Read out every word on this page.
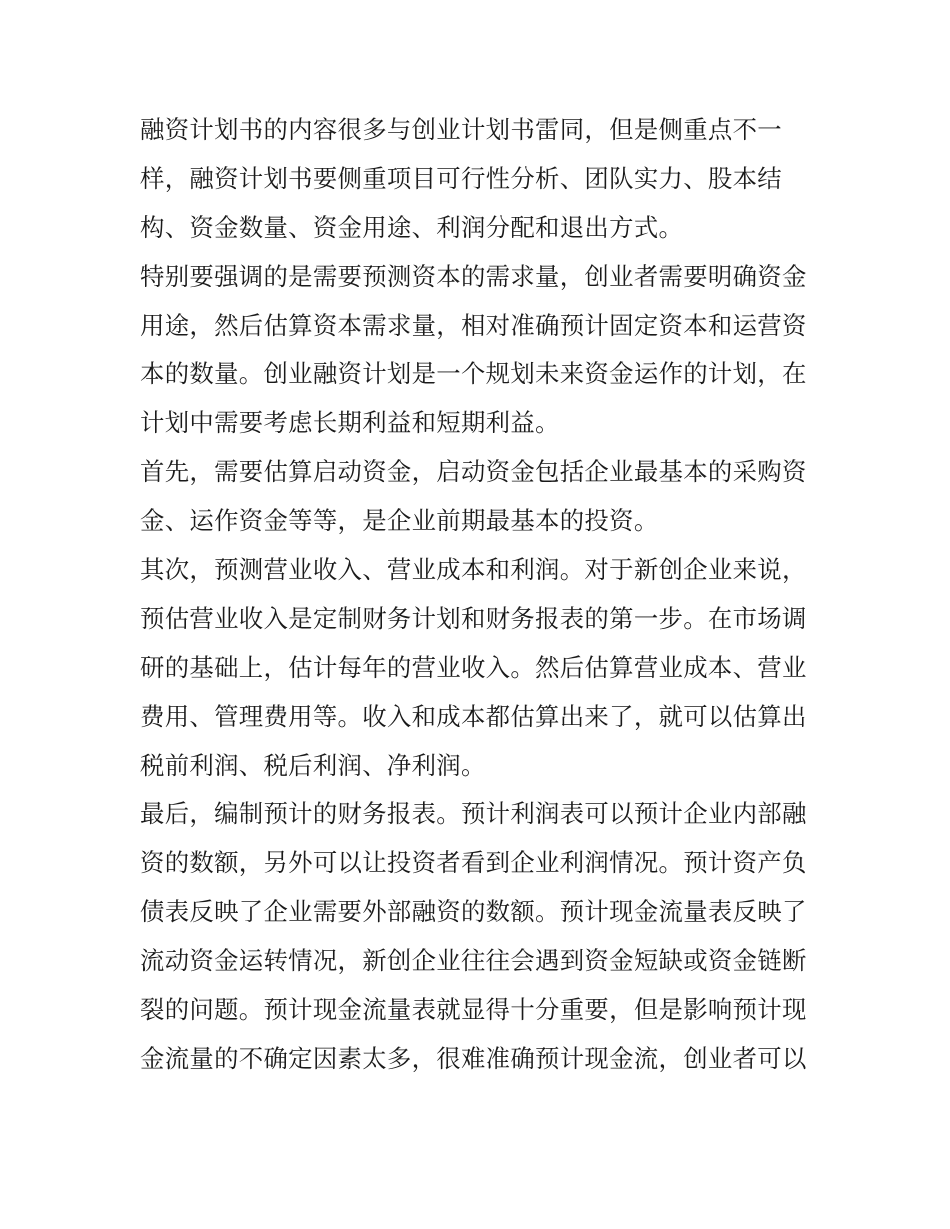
融资计划书的内容很多与创业计划书雷同，但是侧重点不一
样，融资计划书要侧重项目可行性分析、团队实力、股本结
构、资金数量、资金用途、利润分配和退出方式。
特别要强调的是需要预测资本的需求量，创业者需要明确资金
用途，然后估算资本需求量，相对准确预计固定资本和运营资
本的数量。创业融资计划是一个规划未来资金运作的计划，在
计划中需要考虑长期利益和短期利益。
首先，需要估算启动资金，启动资金包括企业最基本的采购资
金、运作资金等等，是企业前期最基本的投资。
其次，预测营业收入、营业成本和利润。对于新创企业来说，
预估营业收入是定制财务计划和财务报表的第一步。在市场调
研的基础上，估计每年的营业收入。然后估算营业成本、营业
费用、管理费用等。收入和成本都估算出来了，就可以估算出
税前利润、税后利润、净利润。
最后，编制预计的财务报表。预计利润表可以预计企业内部融
资的数额，另外可以让投资者看到企业利润情况。预计资产负
债表反映了企业需要外部融资的数额。预计现金流量表反映了
流动资金运转情况，新创企业往往会遇到资金短缺或资金链断
裂的问题。预计现金流量表就显得十分重要，但是影响预计现
金流量的不确定因素太多，很难准确预计现金流，创业者可以
